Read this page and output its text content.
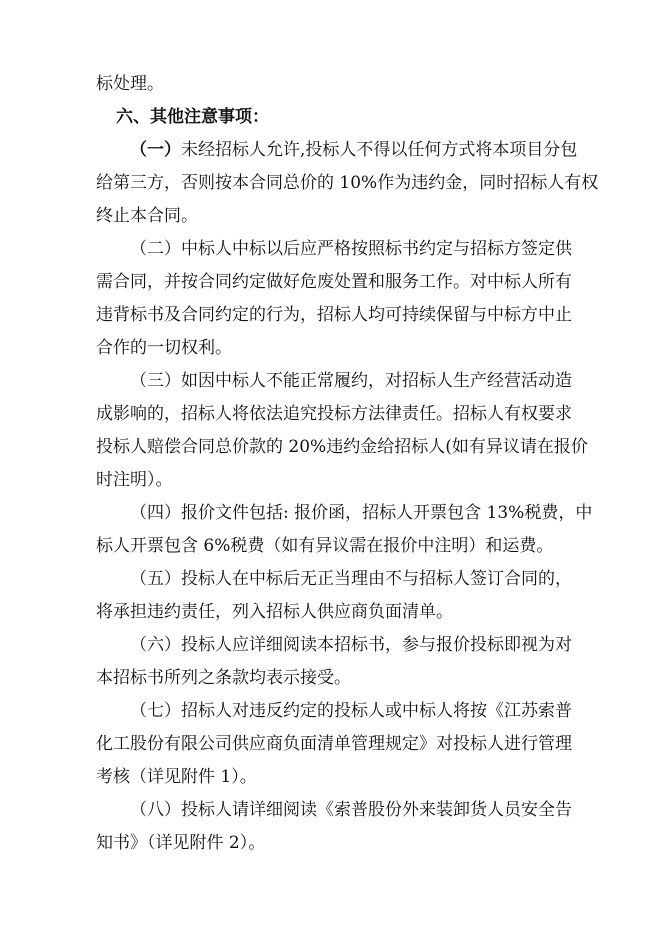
标处理。
六、其他注意事项：
（一）未经招标人允许,投标人不得以任何方式将本项目分包
给第三方，否则按本合同总价的 10%作为违约金，同时招标人有权
终止本合同。
（二）中标人中标以后应严格按照标书约定与招标方签定供
需合同，并按合同约定做好危废处置和服务工作。对中标人所有
违背标书及合同约定的行为，招标人均可持续保留与中标方中止
合作的一切权利。
（三）如因中标人不能正常履约，对招标人生产经营活动造
成影响的，招标人将依法追究投标方法律责任。招标人有权要求
投标人赔偿合同总价款的 20%违约金给招标人(如有异议请在报价
时注明）。
（四）报价文件包括: 报价函，招标人开票包含 13%税费，中
标人开票包含 6%税费（如有异议需在报价中注明）和运费。
（五）投标人在中标后无正当理由不与招标人签订合同的，
将承担违约责任，列入招标人供应商负面清单。
（六）投标人应详细阅读本招标书，参与报价投标即视为对
本招标书所列之条款均表示接受。
（七）招标人对违反约定的投标人或中标人将按《江苏索普
化工股份有限公司供应商负面清单管理规定》对投标人进行管理
考核（详见附件 1）。
（八）投标人请详细阅读《索普股份外来装卸货人员安全告
知书》（详见附件 2）。
